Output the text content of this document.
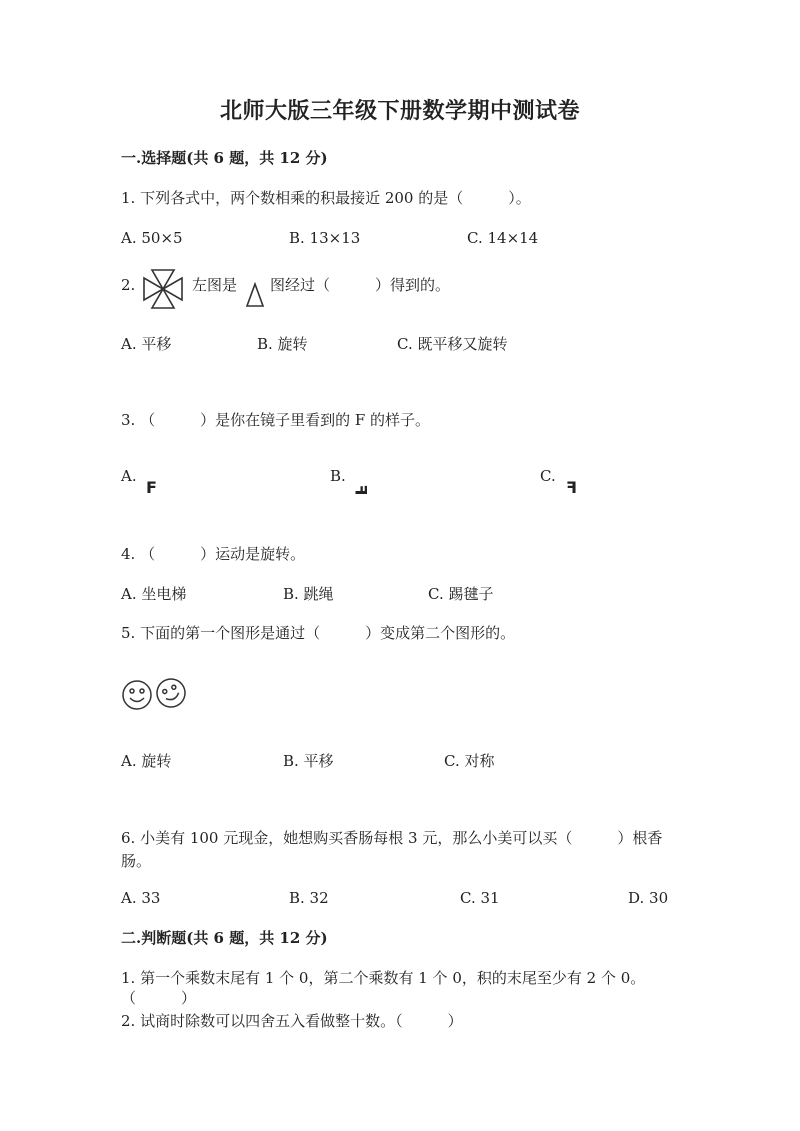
北师大版三年级下册数学期中测试卷
一.选择题(共 6 题，共 12 分)
1. 下列各式中，两个数相乘的积最接近 200 的是（　　　）。
A. 50×5	B. 13×13	C. 14×14
2.	左图是 图经过（　　　）得到的。
A. 平移	B. 旋转	C. 既平移又旋转
3. （　　　）是你在镜子里看到的 F 的样子。
A.
F
B.
F
C.
F
4. （　　　）运动是旋转。
A. 坐电梯	B. 跳绳	C. 踢毽子
5. 下面的第一个图形是通过（　　　）变成第二个图形的。
A. 旋转	B. 平移	C. 对称
6. 小美有 100 元现金，她想购买香肠每根 3 元，那么小美可以买（　　　）根香
肠。
A. 33	B. 32	C. 31	D. 30
二.判断题(共 6 题，共 12 分)
1. 第一个乘数末尾有 1 个 0，第二个乘数有 1 个 0，积的末尾至少有 2 个 0。
（　　　）
2. 试商时除数可以四舍五入看做整十数。（　　　）
